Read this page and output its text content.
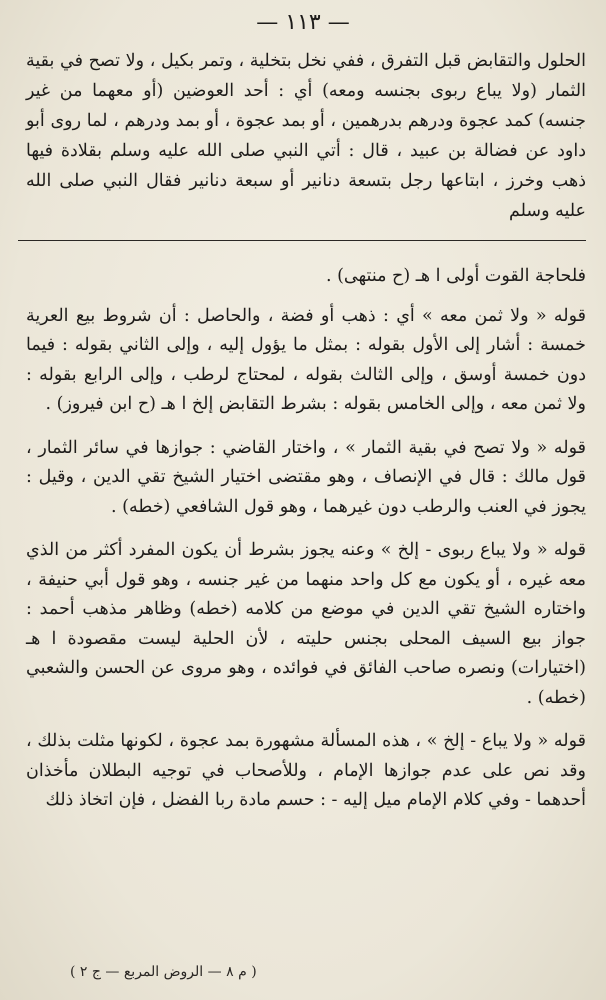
— ١١٣ —

الحلول والتقابض قبل التفرق ، ففي نخل بتخلية ، وتمر بكيل ، ولا تصح في بقية الثمار (ولا يباع ربوى بجنسه ومعه) أي : أحد العوضين (أو معهما من غير جنسه) كمد عجوة ودرهم بدرهمين ، أو بمد عجوة ، أو بمد ودرهم ، لما روى أبو داود عن فضالة بن عبيد ، قال : أتي النبي صلى الله عليه وسلم بقلادة فيها ذهب وخرز ، ابتاعها رجل بتسعة دنانير أو سبعة دنانير فقال النبي صلى الله عليه وسلم

فلحاجة القوت أولى ا هـ (ح منتهى) .

قوله « ولا ثمن معه » أي : ذهب أو فضة ، والحاصل : أن شروط بيع العرية خمسة : أشار إلى الأول بقوله : بمثل ما يؤول إليه ، وإلى الثاني بقوله : فيما دون خمسة أوسق ، وإلى الثالث بقوله ، لمحتاج لرطب ، وإلى الرابع بقوله : ولا ثمن معه ، وإلى الخامس بقوله : بشرط التقابض إلخ ا هـ (ح ابن فيروز) .

قوله « ولا تصح في بقية الثمار » ، واختار القاضي : جوازها في سائر الثمار ، قول مالك : قال في الإنصاف ، وهو مقتضى اختيار الشيخ تقي الدين ، وقيل : يجوز في العنب والرطب دون غيرهما ، وهو قول الشافعي (خطه) .

قوله « ولا يباع ربوى - إلخ » وعنه يجوز بشرط أن يكون المفرد أكثر من الذي معه غيره ، أو يكون مع كل واحد منهما من غير جنسه ، وهو قول أبي حنيفة ، واختاره الشيخ تقي الدين في موضع من كلامه (خطه) وظاهر مذهب أحمد : جواز بيع السيف المحلى بجنس حليته ، لأن الحلية ليست مقصودة ا هـ (اختيارات) ونصره صاحب الفائق في فوائده ، وهو مروى عن الحسن والشعبي (خطه) .

قوله « ولا يباع - إلخ » ، هذه المسألة مشهورة بمد عجوة ، لكونها مثلت بذلك ، وقد نص على عدم جوازها الإمام ، وللأصحاب في توجيه البطلان مأخذان أحدهما - وفي كلام الإمام ميل إليه - : حسم مادة ربا الفضل ، فإن اتخاذ ذلك

( م ٨ — الروض المربع — ج ٢ )
